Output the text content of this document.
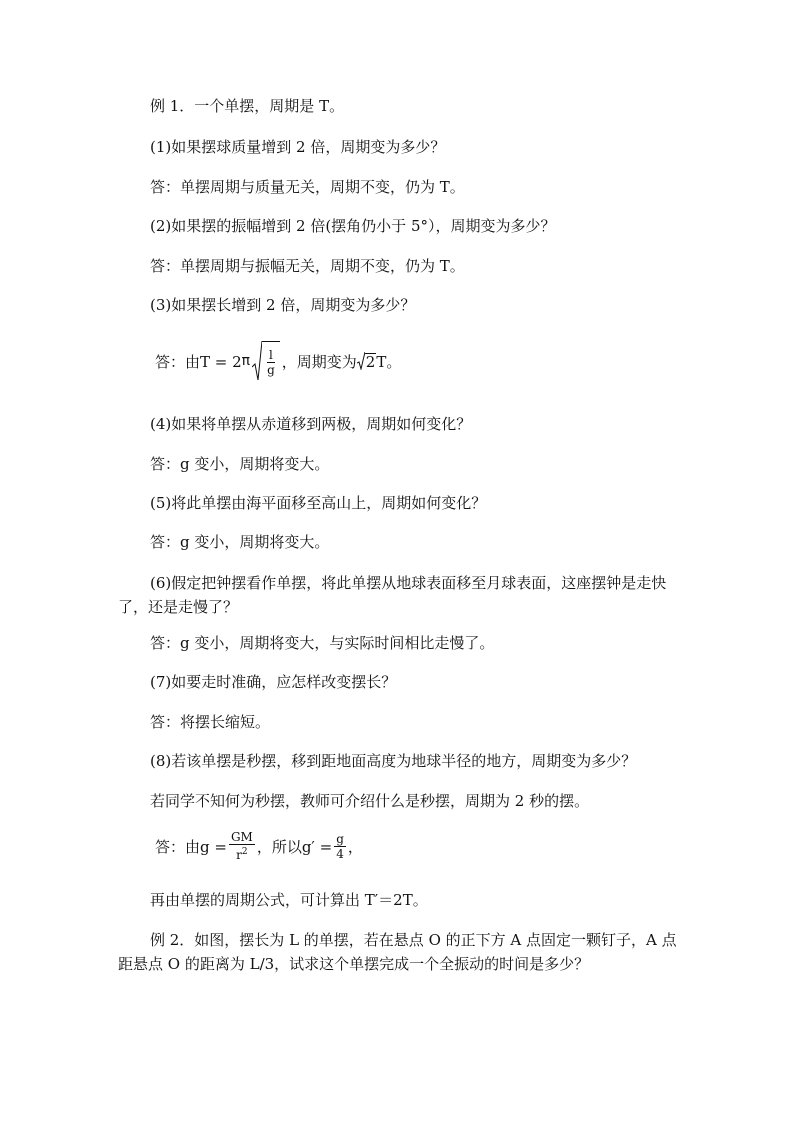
例 1．一个单摆，周期是 T。
(1)如果摆球质量增到 2 倍，周期变为多少？
答：单摆周期与质量无关，周期不变，仍为 T。
(2)如果摆的振幅增到 2 倍(摆角仍小于 5°），周期变为多少？
答：单摆周期与振幅无关，周期不变，仍为 T。
(3)如果摆长增到 2 倍，周期变为多少？
答：由T = 2 π $\frac{l}{g}$ ，周期变为 2 T。
(4)如果将单摆从赤道移到两极，周期如何变化？
答：g 变小，周期将变大。
(5)将此单摆由海平面移至高山上，周期如何变化？
答：g 变小，周期将变大。
(6)假定把钟摆看作单摆，将此单摆从地球表面移至月球表面，这座摆钟是走快了，还是走慢了？
答：g 变小，周期将变大，与实际时间相比走慢了。
(7)如要走时准确，应怎样改变摆长？
答：将摆长缩短。
(8)若该单摆是秒摆，移到距地面高度为地球半径的地方，周期变为多少？
若同学不知何为秒摆，教师可介绍什么是秒摆，周期为 2 秒的摆。
答：由$g = \frac{GM}{r^2}$ ，所以$g' = \frac{g}{4}$ ，
再由单摆的周期公式，可计算出 T′＝2T。
例 2．如图，摆长为 L 的单摆，若在悬点 O 的正下方 A 点固定一颗钉子，A 点距悬点 O 的距离为 L/3，试求这个单摆完成一个全振动的时间是多少？
